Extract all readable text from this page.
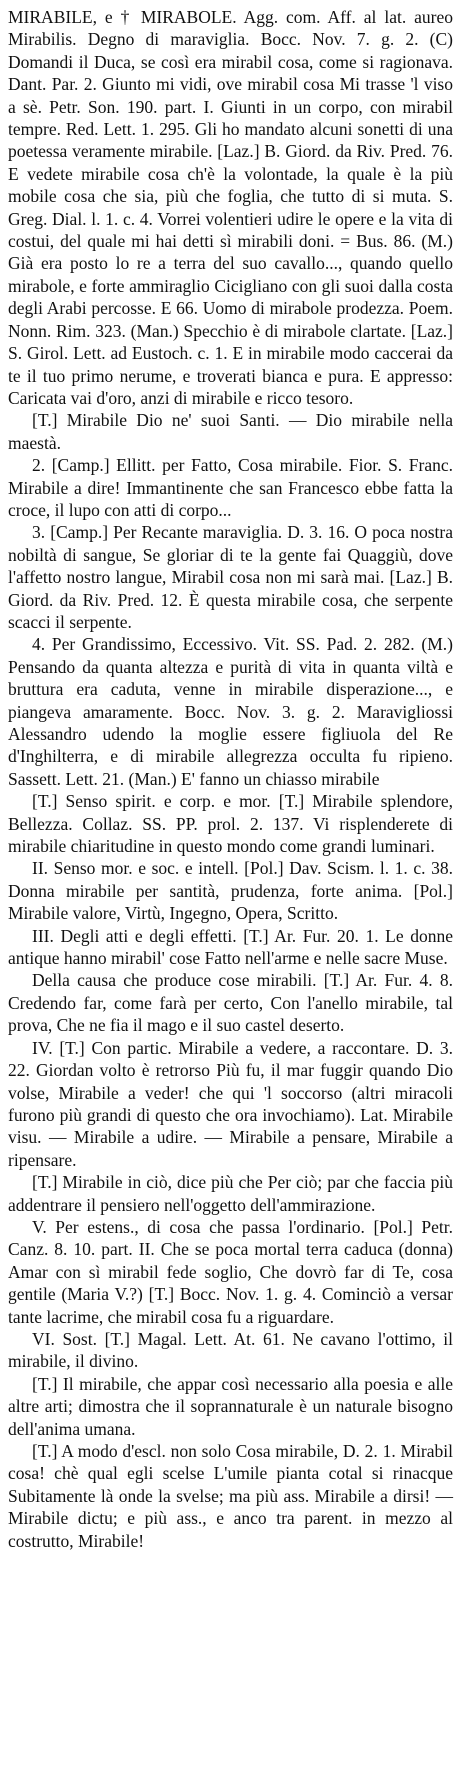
MIRABILE, e † MIRABOLE. Agg. com. Aff. al lat. aureo Mirabilis. Degno di maraviglia. Bocc. Nov. 7. g. 2. (C) Domandi il Duca, se così era mirabil cosa, come si ragionava. Dant. Par. 2. Giunto mi vidi, ove mirabil cosa Mi trasse 'l viso a sè. Petr. Son. 190. part. I. Giunti in un corpo, con mirabil tempre. Red. Lett. 1. 295. Gli ho mandato alcuni sonetti di una poetessa veramente mirabile. [Laz.] B. Giord. da Riv. Pred. 76. E vedete mirabile cosa ch'è la volontade, la quale è la più mobile cosa che sia, più che foglia, che tutto di si muta. S. Greg. Dial. l. 1. c. 4. Vorrei volentieri udire le opere e la vita di costui, del quale mi hai detti sì mirabili doni. = Bus. 86. (M.) Già era posto lo re a terra del suo cavallo..., quando quello mirabole, e forte ammiraglio Cicigliano con gli suoi dalla costa degli Arabi percosse. E 66. Uomo di mirabole prodezza. Poem. Nonn. Rim. 323. (Man.) Specchio è di mirabole clartate. [Laz.] S. Girol. Lett. ad Eustoch. c. 1. E in mirabile modo caccerai da te il tuo primo nerume, e troverati bianca e pura. E appresso: Caricata vai d'oro, anzi di mirabile e ricco tesoro.

[T.] Mirabile Dio ne' suoi Santi. — Dio mirabile nella maestà.

2. [Camp.] Ellitt. per Fatto, Cosa mirabile. Fior. S. Franc. Mirabile a dire! Immantinente che san Francesco ebbe fatta la croce, il lupo con atti di corpo...

3. [Camp.] Per Recante maraviglia. D. 3. 16. O poca nostra nobiltà di sangue, Se gloriar di te la gente fai Quaggiù, dove l'affetto nostro langue, Mirabil cosa non mi sarà mai. [Laz.] B. Giord. da Riv. Pred. 12. È questa mirabile cosa, che serpente scacci il serpente.

4. Per Grandissimo, Eccessivo. Vit. SS. Pad. 2. 282. (M.) Pensando da quanta altezza e purità di vita in quanta viltà e bruttura era caduta, venne in mirabile disperazione..., e piangeva amaramente. Bocc. Nov. 3. g. 2. Maravigliossi Alessandro udendo la moglie essere figliuola del Re d'Inghilterra, e di mirabile allegrezza occulta fu ripieno. Sassett. Lett. 21. (Man.) E' fanno un chiasso mirabile

[T.] Senso spirit. e corp. e mor. [T.] Mirabile splendore, Bellezza. Collaz. SS. PP. prol. 2. 137. Vi risplenderete di mirabile chiaritudine in questo mondo come grandi luminari.

II. Senso mor. e soc. e intell. [Pol.] Dav. Scism. l. 1. c. 38. Donna mirabile per santità, prudenza, forte anima. [Pol.] Mirabile valore, Virtù, Ingegno, Opera, Scritto.

III. Degli atti e degli effetti. [T.] Ar. Fur. 20. 1. Le donne antique hanno mirabil' cose Fatto nell'arme e nelle sacre Muse.

Della causa che produce cose mirabili. [T.] Ar. Fur. 4. 8. Credendo far, come farà per certo, Con l'anello mirabile, tal prova, Che ne fia il mago e il suo castel deserto.

IV. [T.] Con partic. Mirabile a vedere, a raccontare. D. 3. 22. Giordan volto è retrorso Più fu, il mar fuggir quando Dio volse, Mirabile a veder! che qui 'l soccorso (altri miracoli furono più grandi di questo che ora invochiamo). Lat. Mirabile visu. — Mirabile a udire. — Mirabile a pensare, Mirabile a ripensare.

[T.] Mirabile in ciò, dice più che Per ciò; par che faccia più addentrare il pensiero nell'oggetto dell'ammirazione.

V. Per estens., di cosa che passa l'ordinario. [Pol.] Petr. Canz. 8. 10. part. II. Che se poca mortal terra caduca (donna) Amar con sì mirabil fede soglio, Che dovrò far di Te, cosa gentile (Maria V.?) [T.] Bocc. Nov. 1. g. 4. Cominciò a versar tante lacrime, che mirabil cosa fu a riguardare.

VI. Sost. [T.] Magal. Lett. At. 61. Ne cavano l'ottimo, il mirabile, il divino.

[T.] Il mirabile, che appar così necessario alla poesia e alle altre arti; dimostra che il soprannaturale è un naturale bisogno dell'anima umana.

[T.] A modo d'escl. non solo Cosa mirabile, D. 2. 1. Mirabil cosa! chè qual egli scelse L'umile pianta cotal si rinacque Subitamente là onde la svelse; ma più ass. Mirabile a dirsi! — Mirabile dictu; e più ass., e anco tra parent. in mezzo al costrutto, Mirabile!
